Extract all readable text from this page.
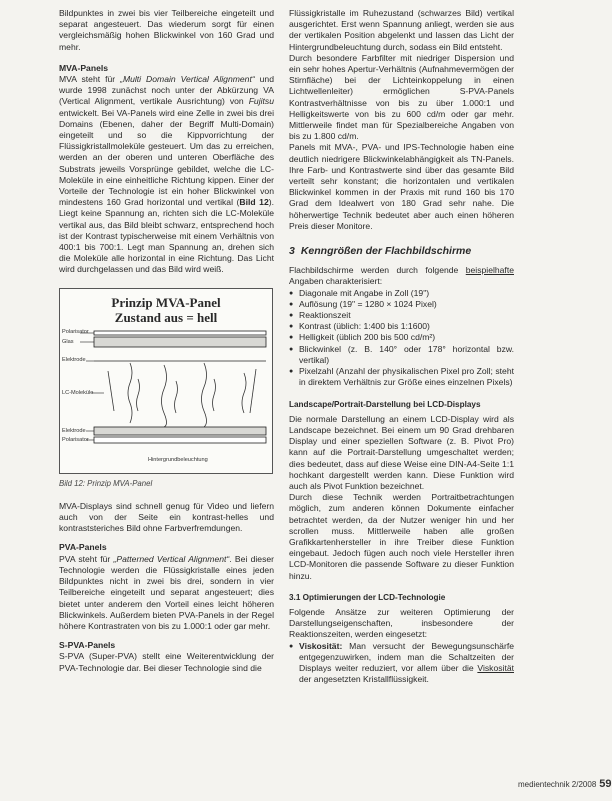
Bildpunktes in zwei bis vier Teilbereiche eingeteilt und separat angesteuert. Das wiederum sorgt für einen vergleichsmäßig hohen Blickwinkel von 160 Grad und mehr.

MVA-Panels

MVA steht für „Multi Domain Vertical Alignment“ und wurde 1998 zunächst noch unter der Abkürzung VA (Vertical Alignment, vertikale Ausrichtung) von Fujitsu entwickelt. Bei VA-Panels wird eine Zelle in zwei bis drei Domains (Ebenen, daher der Begriff Multi-Domain) eingeteilt und so die Kippvorrichtung der Flüssigkristallmoleküle gesteuert. Um das zu erreichen, werden an der oberen und unteren Oberfläche des Substrats jeweils Vorsprünge gebildet, welche die LC-Moleküle in eine einheitliche Richtung kippen. Einer der Vorteile der Technologie ist ein hoher Blickwinkel von mindestens 160 Grad horizontal und vertikal (Bild 12). Liegt keine Spannung an, richten sich die LC-Moleküle vertikal aus, das Bild bleibt schwarz, entsprechend hoch ist der Kontrast typischerweise mit einem Verhältnis von 400:1 bis 700:1. Legt man Spannung an, drehen sich die Moleküle alle horizontal in eine Richtung. Das Licht wird durchgelassen und das Bild wird weiß.

Prinzip MVA-Panel
Zustand aus = hell
Polarisator
Glas
Elektrode
LC-Moleküle
Elektrode
Polarisator
Hintergrundbeleuchtung
Bild 12: Prinzip MVA-Panel

MVA-Displays sind schnell genug für Video und liefern auch von der Seite ein kontrast-helles und kontraststeriches Bild ohne Farbverfremdungen.

PVA-Panels

PVA steht für „Patterned Vertical Alignment“. Bei dieser Technologie werden die Flüssigkristalle eines jeden Bildpunktes nicht in zwei bis drei, sondern in vier Teilbereiche eingeteilt und separat angesteuert; dies bietet unter anderem den Vorteil eines leicht höheren Blickwinkels. Außerdem bieten PVA-Panels in der Regel höhere Kontrastraten von bis zu 1.000:1 oder gar mehr.

S-PVA-Panels

S-PVA (Super-PVA) stellt eine Weiterentwicklung der PVA-Technologie dar. Bei dieser Technologie sind die

Flüssigkristalle im Ruhezustand (schwarzes Bild) vertikal ausgerichtet. Erst wenn Spannung anliegt, werden sie aus der vertikalen Position abgelenkt und lassen das Licht der Hintergrundbeleuchtung durch, sodass ein Bild entsteht.

Durch besondere Farbfilter mit niedriger Dispersion und ein sehr hohes Apertur-Verhältnis (Aufnahmevermögen der Stirnfläche) bei der Lichteinkoppelung in einen Lichtwellenleiter) ermöglichen S-PVA-Panels Kontrastverhältnisse von bis zu über 1.000:1 und Helligkeitswerte von bis zu 600 cd/m oder gar mehr. Mittlerweile findet man für Spezialbereiche Angaben von bis zu 1.800 cd/m.

Panels mit MVA-, PVA- und IPS-Technologie haben eine deutlich niedrigere Blickwinkelabhängigkeit als TN-Panels. Ihre Farb- und Kontrastwerte sind über das gesamte Bild verteilt sehr konstant; die horizontalen und vertikalen Blickwinkel kommen in der Praxis mit rund 160 bis 170 Grad dem Idealwert von 180 Grad sehr nahe. Die höherwertige Technik bedeutet aber auch einen höheren Preis dieser Monitore.

3 Kenngrößen der Flachbildschirme

Flachbildschirme werden durch folgende beispielhafte Angaben charakterisiert:

● Diagonale mit Angabe in Zoll (19")
● Auflösung (19" = 1280 × 1024 Pixel)
● Reaktionszeit
● Kontrast (üblich: 1:400 bis 1:1600)
● Helligkeit (üblich 200 bis 500 cd/m²)
● Blickwinkel (z. B. 140° oder 178° horizontal bzw. vertikal)
● Pixelzahl (Anzahl der physikalischen Pixel pro Zoll; steht in direktem Verhältnis zur Größe eines einzelnen Pixels)
Landscape/Portrait-Darstellung bei LCD-Displays

Die normale Darstellung an einem LCD-Display wird als Landscape bezeichnet. Bei einem um 90 Grad drehbaren Display und einer speziellen Software (z. B. Pivot Pro) kann auf die Portrait-Darstellung umgeschaltet werden; dies bedeutet, dass auf diese Weise eine DIN-A4-Seite 1:1 hochkant dargestellt werden kann. Diese Funktion wird auch als Pivot Funktion bezeichnet.

Durch diese Technik werden Portraitbetrachtungen möglich, zum anderen können Dokumente einfacher betrachtet werden, da der Nutzer weniger hin und her scrollen muss. Mittlerweile haben alle großen Grafikkartenhersteller in ihre Treiber diese Funktion eingebaut. Jedoch fügen auch noch viele Hersteller ihren LCD-Monitoren die passende Software zu dieser Funktion hinzu.

3.1 Optimierungen der LCD-Technologie

Folgende Ansätze zur weiteren Optimierung der Darstellungseigenschaften, insbesondere der Reaktionszeiten, werden eingesetzt:

● Viskosität: Man versucht der Bewegungsunschärfe entgegenzuwirken, indem man die Schaltzeiten der Displays weiter reduziert, vor allem über die Viskosität der angesetzten Kristallflüssigkeit.
medientechnik 2/2008 59
